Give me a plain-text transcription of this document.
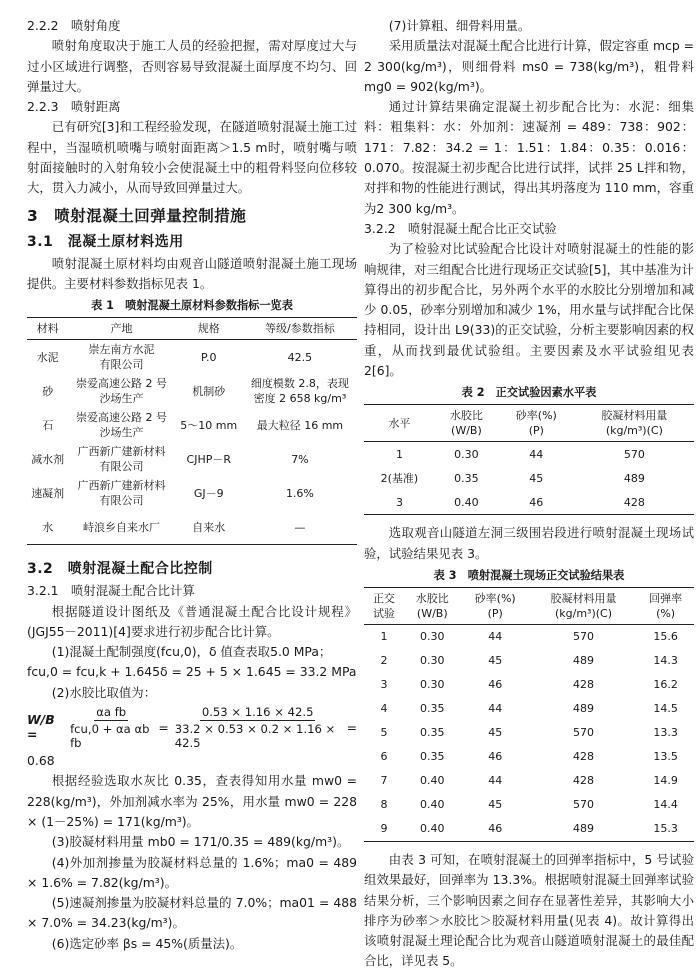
2.2.2　喷射角度

喷射角度取决于施工人员的经验把握，需对厚度过大与过小区域进行调整，否则容易导致混凝土面厚度不均匀、回弹量过大。

2.2.3　喷射距离

已有研究[3]和工程经验发现，在隧道喷射混凝土施工过程中，当湿喷机喷嘴与喷射面距离＞1.5 m时，喷射嘴与喷射面接触时的入射角较小会使混凝土中的粗骨料竖向位移较大，贯入力减小，从而导致回弹量过大。

3　喷射混凝土回弹量控制措施
3.1　混凝土原材料选用

喷射混凝土原材料均由观音山隧道喷射混凝土施工现场提供。主要材料参数指标见表 1。

表 1　喷射混凝土原材料参数指标一览表
材料	产地	规格	等级/参数指标

水泥	崇左南方水泥
有限公司	P.0	42.5

砂	崇爱高速公路 2 号
沙场生产	机制砂	细度模数 2.8，表现
密度 2 658 kg/m³

石	崇爱高速公路 2 号
沙场生产	5～10 mm	最大粒径 16 mm

减水剂	广西新广建新材料
有限公司	CJHP－R	7%

速凝剂	广西新广建新材料
有限公司	GJ－9	1.6%

水	峙浪乡自来水厂	自来水	—
3.2　喷射混凝土配合比控制
3.2.1　喷射混凝土配合比计算

根据隧道设计图纸及《普通混凝土配合比设计规程》(JGJ55－2011)[4]要求进行初步配合比计算。

(1)混凝土配制强度(fcu,0)，δ 值查表取5.0 MPa；

fcu,0 = fcu,k + 1.645δ = 25 + 5 × 1.645 = 33.2 MPa

(2)水胶比取值为：

W/B =	$\frac{\text{αa fb}}{\text{fcu,0 + αa αb fb}} = \frac{0.53 \times 1.16 \times 42.5}{33.2 \times 0.53 \times 0.2 \times 1.16 \times 42.5}$ =

0.68

根据经验选取水灰比 0.35，查表得知用水量 mw0 = 228(kg/m³)，外加剂减水率为 25%，用水量 mw0 = 228 × (1－25%) = 171(kg/m³)。

(3)胶凝材料用量 mb0 = 171/0.35 = 489(kg/m³)。

(4)外加剂掺量为胶凝材料总量的 1.6%；ma0 = 489 × 1.6% = 7.82(kg/m³)。

(5)速凝剂掺量为胶凝材料总量的 7.0%；ma01 = 488 × 7.0% = 34.23(kg/m³)。

(6)选定砂率 βs = 45%(质量法)。

(7)计算粗、细骨料用量。

采用质量法对混凝土配合比进行计算，假定容重 mcp = 2 300(kg/m³)，则细骨料 ms0 = 738(kg/m³)，粗骨料 mg0 = 902(kg/m³)。

通过计算结果确定混凝土初步配合比为：水泥：细集料：粗集料：水：外加剂：速凝剂 = 489：738：902：171：7.82：34.2 = 1：1.51：1.84：0.35：0.016：0.070。按混凝土初步配合比进行试拌，试拌 25 L拌和物，对拌和物的性能进行测试，得出其坍落度为 110 mm，容重为2 300 kg/m³。

3.2.2　喷射混凝土配合比正交试验

为了检验对比试验配合比设计对喷射混凝土的性能的影响规律，对三组配合比进行现场正交试验[5]，其中基准为计算得出的初步配合比，另外两个水平的水胶比分别增加和减少 0.05，砂率分别增加和减少 1%，用水量与试拌配合比保持相同，设计出 L9(33)的正交试验，分析主要影响因素的权重，从而找到最优试验组。主要因素及水平试验组见表 2[6]。

表 2　正交试验因素水平表
水平	水胶比
(W/B)	砂率(%)
(P)	胶凝材料用量
(kg/m³)(C)

1	0.30	44	570

2(基准)	0.35	45	489

3	0.40	46	428

选取观音山隧道左洞三级围岩段进行喷射混凝土现场试验，试验结果见表 3。

表 3　喷射混凝土现场正交试验结果表
正交
试验	水胶比
(W/B)	砂率(%)
(P)	胶凝材料用量
(kg/m³)(C)	回弹率
(%)

1	0.30	44	570	15.6

2	0.30	45	489	14.3

3	0.30	46	428	16.2

4	0.35	44	489	14.5

5	0.35	45	570	13.3

6	0.35	46	428	13.5

7	0.40	44	428	14.9

8	0.40	45	570	14.4

9	0.40	46	489	15.3

由表 3 可知，在喷射混凝土的回弹率指标中，5 号试验组效果最好，回弹率为 13.3%。根据喷射混凝土回弹率试验结果分析，三个影响因素之间存在显著性差异，其影响大小排序为砂率＞水胶比＞胶凝材料用量(见表 4)。故计算得出该喷射混凝土理论配合比为观音山隧道喷射混凝土的最佳配合比，详见表 5。
